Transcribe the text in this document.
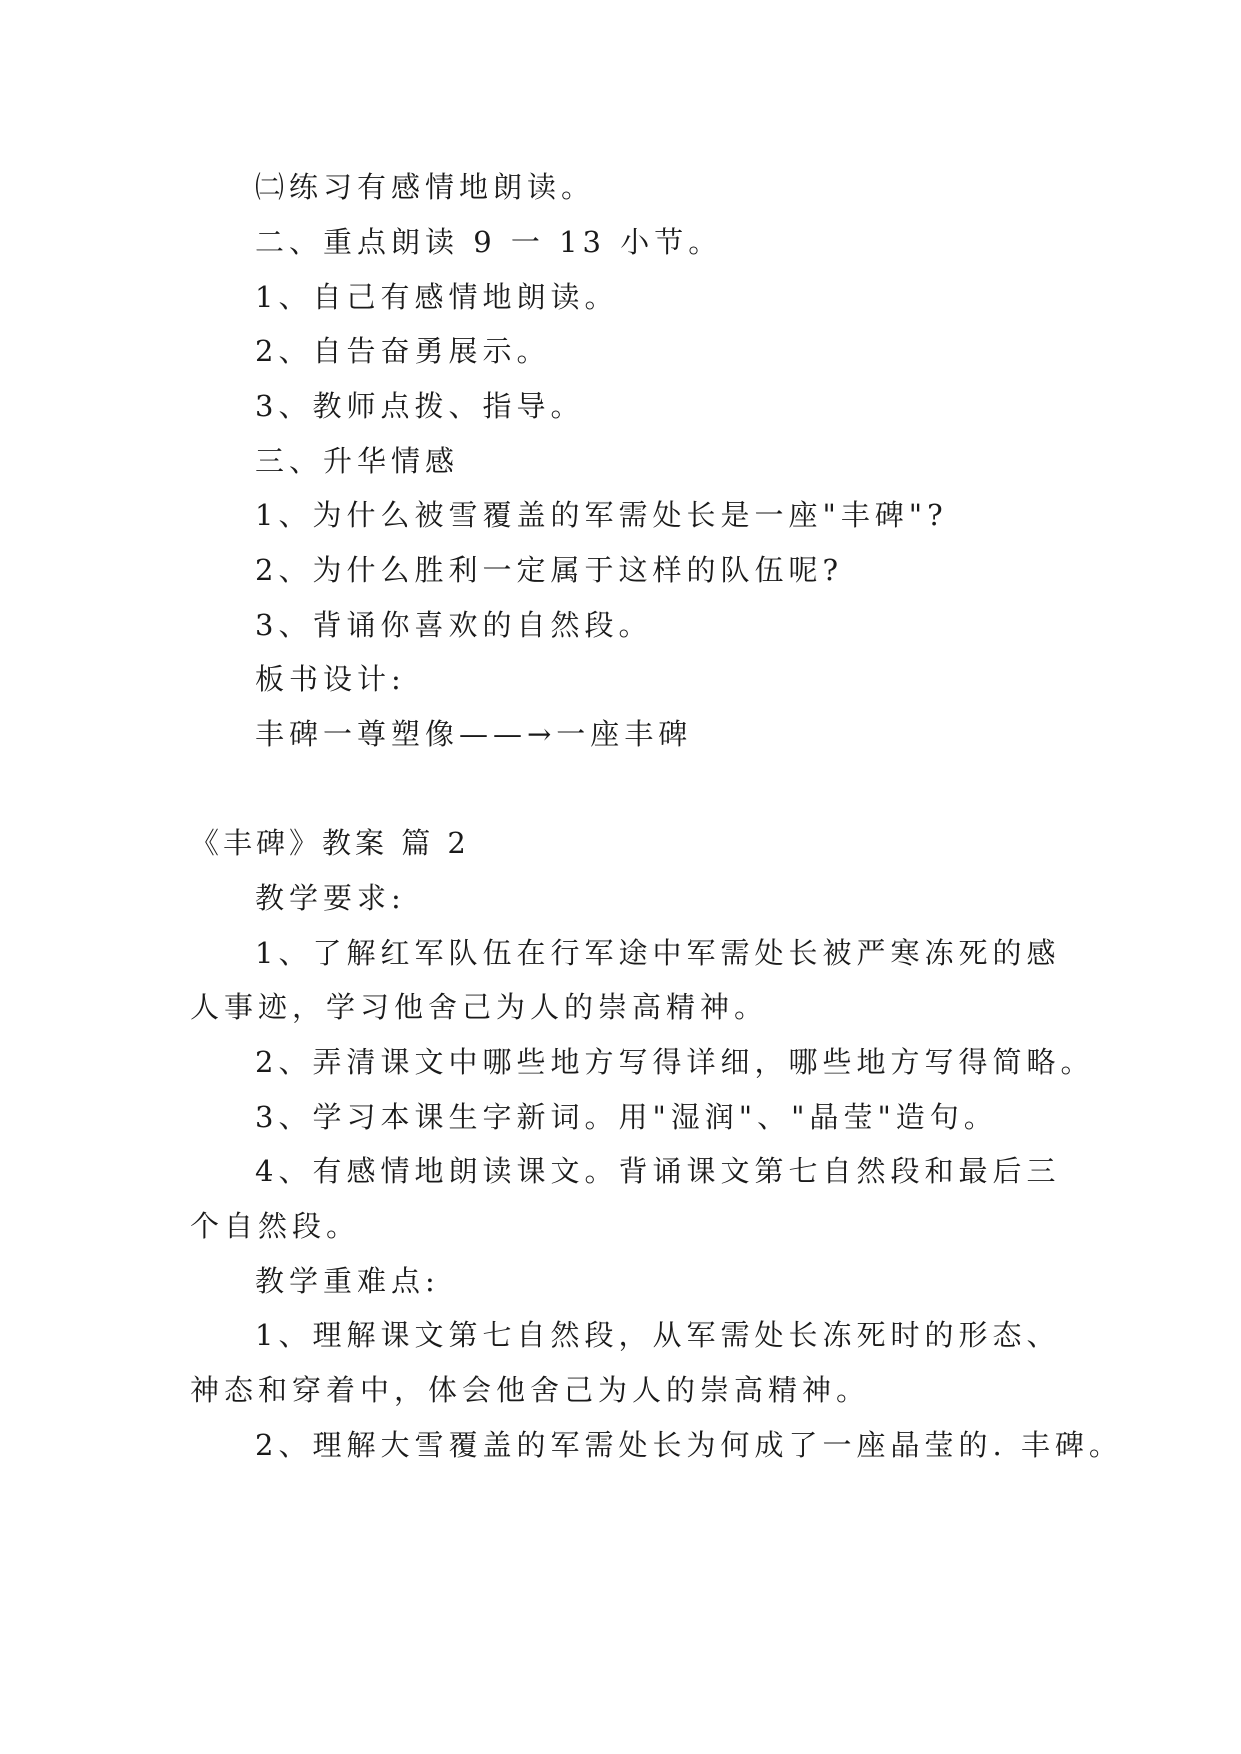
㈡练习有感情地朗读。
二、重点朗读 9 一 13 小节。
1、自己有感情地朗读。
2、自告奋勇展示。
3、教师点拨、指导。
三、升华情感
1、为什么被雪覆盖的军需处长是一座"丰碑"?
2、为什么胜利一定属于这样的队伍呢?
3、背诵你喜欢的自然段。
板书设计:
丰碑一尊塑像——→一座丰碑
《丰碑》教案 篇 2
教学要求:
1、了解红军队伍在行军途中军需处长被严寒冻死的感
人事迹，学习他舍己为人的崇高精神。
2、弄清课文中哪些地方写得详细，哪些地方写得简略。
3、学习本课生字新词。用"湿润"、"晶莹"造句。
4、有感情地朗读课文。背诵课文第七自然段和最后三
个自然段。
教学重难点:
1、理解课文第七自然段，从军需处长冻死时的形态、
神态和穿着中，体会他舍己为人的崇高精神。
2、理解大雪覆盖的军需处长为何成了一座晶莹的. 丰碑。
